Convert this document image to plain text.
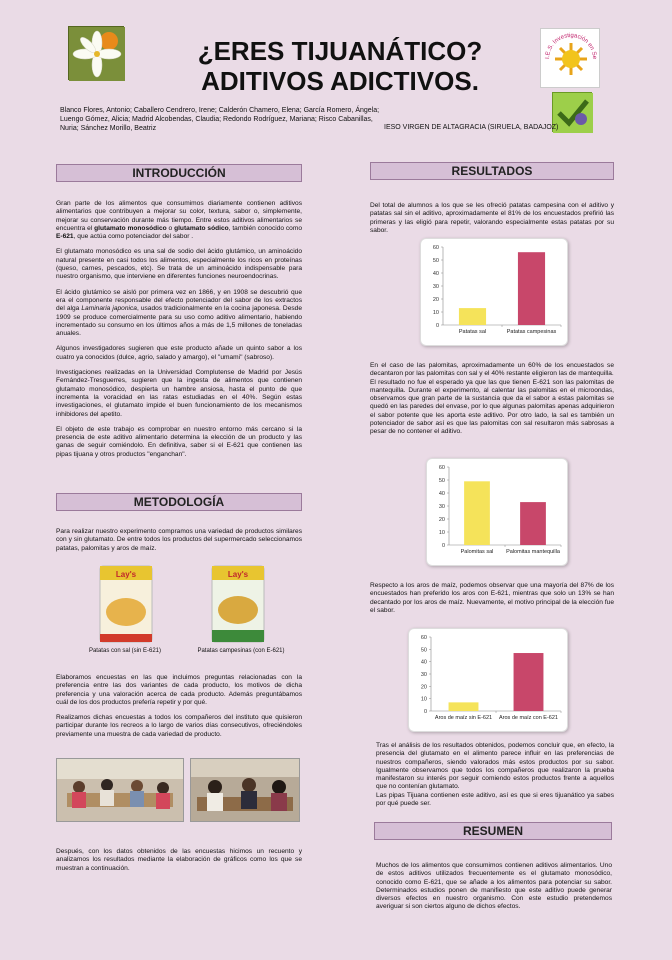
¿ERES TIJUANÁTICO?
ADITIVOS ADICTIVOS.
I.E.S. Investigación en Se
Blanco Flores, Antonio; Caballero Cendrero, Irene; Calderón Chamero, Elena; García Romero, Ángela; Luengo Gómez, Alicia; Madrid Alcobendas, Claudia; Redondo Rodríguez, Mariana; Risco Cabanillas, Nuria; Sánchez Morillo, Beatriz	IESO VIRGEN DE ALTAGRACIA (SIRUELA, BADAJOZ)
INTRODUCCIÓN

Gran parte de los alimentos que consumimos diariamente contienen aditivos alimentarios que contribuyen a mejorar su color, textura, sabor o, simplemente, mejorar su conservación durante más tiempo. Entre estos aditivos alimentarios se encuentra el glutamato monosódico o glutamato sódico, también conocido como E-621, que actúa como potenciador del sabor .

El glutamato monosódico es una sal de sodio del ácido glutámico, un aminoácido natural presente en casi todos los alimentos, especialmente los ricos en proteínas (queso, carnes, pescados, etc). Se trata de un aminoácido indispensable para nuestro organismo, que interviene en diferentes funciones neuroendocrinas.

El ácido glutámico se aisló por primera vez en 1866, y en 1908 se descubrió que era el componente responsable del efecto potenciador del sabor de los extractos del alga Laminaria japonica, usados tradicionalmente en la cocina japonesa. Desde 1909 se produce comercialmente para su uso como aditivo alimentario, habiendo incrementado su consumo en los últimos años a más de 1,5 millones de toneladas anuales.

Algunos investigadores sugieren que este producto añade un quinto sabor a los cuatro ya conocidos (dulce, agrio, salado y amargo), el "umami" (sabroso).

Investigaciones realizadas en la Universidad Complutense de Madrid por Jesús Fernández-Tresguerres, sugieren que la ingesta de alimentos que contienen glutamato monosódico, despierta un hambre ansiosa, hasta el punto de que incrementa la voracidad en las ratas estudiadas en el 40%. Según estas investigaciones, el glutamato impide el buen funcionamiento de los mecanismos inhibidores del apetito.

El objeto de este trabajo es comprobar en nuestro entorno más cercano si la presencia de este aditivo alimentario determina la elección de un producto y las ganas de seguir comiéndolo. En definitiva, saber si el E-621 que contienen las pipas tijuana y otros productos "enganchan".

METODOLOGÍA
Para realizar nuestro experimento compramos una variedad de productos similares con y sin glutamato. De entre todos los productos del supermercado seleccionamos patatas, palomitas y aros de maíz.
Lay's	Lay's
Patatas con sal (sin E-621)	Patatas campesinas (con E-621)

Elaboramos encuestas en las que incluimos preguntas relacionadas con la preferencia entre las dos variantes de cada producto, los motivos de dicha preferencia y una valoración acerca de cada producto. Además preguntábamos cuál de los dos productos prefería repetir y por qué.

Realizamos dichas encuestas a todos los compañeros del instituto que quisieron participar durante los recreos a lo largo de varios días consecutivos, ofreciéndoles previamente una muestra de cada variedad de producto.

Después, con los datos obtenidos de las encuestas hicimos un recuento y analizamos los resultados mediante la elaboración de gráficos como los que se muestran a continuación.
RESULTADOS
Del total de alumnos a los que se les ofreció patatas campesina con el aditivo y patatas sal sin el aditivo, aproximadamente el 81% de los encuestados prefirió las primeras y las eligió para repetir, valorando especialmente estas patatas por su sabor.
0
10
20
30
40
50
60
Patatas sal	Patatas campesinas

En el caso de las palomitas, aproximadamente un 60% de los encuestados se decantaron por las palomitas con sal y el 40% restante eligieron las de mantequilla.

El resultado no fue el esperado ya que las que tienen E-621 son las palomitas de mantequilla. Durante el experimento, al calentar las palomitas en el microondas, observamos que gran parte de la sustancia que da el sabor a estas palomitas se quedó en las paredes del envase, por lo que algunas palomitas apenas adquirieron el sabor potente que les aporta este aditivo. Por otro lado, la sal es también un potenciador de sabor así es que las palomitas con sal resultaron más sabrosas a pesar de no contener el aditivo.

0
10
20
30
40
50
60
Palomitas sal Palomitas mantequilla
Respecto a los aros de maíz, podemos observar que una mayoría del 87% de los encuestados han preferido los aros con E-621, mientras que solo un 13% se han decantado por los aros de maíz. Nuevamente, el motivo principal de la elección fue el sabor.
0
10
20
30
40
50
60
Aros de maíz sin E-621 Aros de maíz con E-621

Tras el análisis de los resultados obtenidos, podemos concluir que, en efecto, la presencia del glutamato en el alimento parece influir en las preferencias de nuestros compañeros, siendo valorados más estos productos por su sabor. Igualmente observamos que todos los compañeros que realizaron la prueba manifestaron su interés por seguir comiendo estos productos frente a aquellos que no contenían glutamato.

Las pipas Tijuana contienen este aditivo, así es que si eres tijuanático ya sabes por qué puede ser.

RESUMEN
Muchos de los alimentos que consumimos contienen aditivos alimentarios. Uno de estos aditivos utilizados frecuentemente es el glutamato monosódico, conocido como E-621, que se añade a los alimentos para potenciar su sabor. Determinados estudios ponen de manifiesto que este aditivo puede generar diversos efectos en nuestro organismo. Con este estudio pretendemos averiguar si son ciertos alguno de dichos efectos.
